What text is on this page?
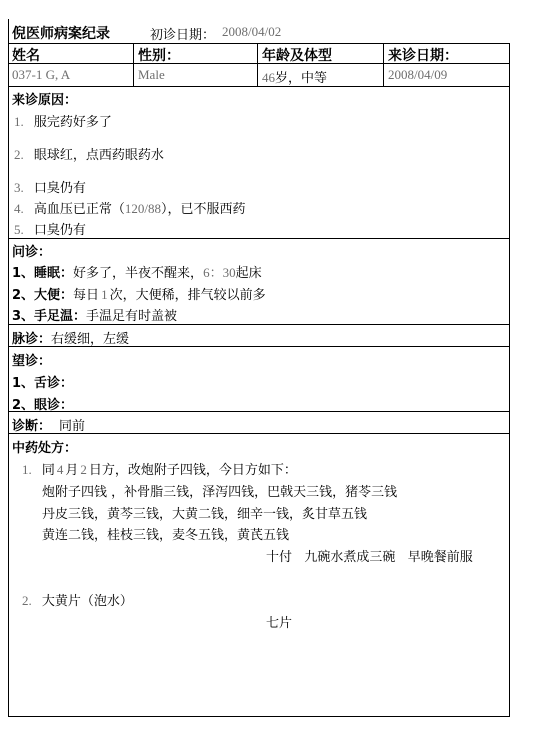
倪医师病案纪录	初诊日期： 2008/04/02
姓名	性别：	年龄及体型	来诊日期：
037-1 G, A	Male	46岁，中等	2008/04/09
来诊原因：
1. 服完药好多了
2. 眼球红，点西药眼药水
3. 口臭仍有
4. 高血压已正常（120/88），已不服西药
5. 口臭仍有
问诊：
1、睡眠：好多了，半夜不醒来，6：30起床
2、大便：每日 1 次，大便稀，排气较以前多
3、手足温：手温足有时盖被
脉诊：右缓细，左缓
望诊：
1、舌诊：
2、眼诊：
诊断： 同前
中药处方：
1. 同 4 月 2 日方，改炮附子四钱，今日方如下：
炮附子四钱 ，补骨脂三钱，泽泻四钱，巴戟天三钱，猪苓三钱
丹皮三钱，黄芩三钱，大黄二钱，细辛一钱，炙甘草五钱
黄连二钱，桂枝三钱，麦冬五钱，黄芪五钱
十付   九碗水煮成三碗   早晚餐前服
2. 大黄片（泡水）
七片
